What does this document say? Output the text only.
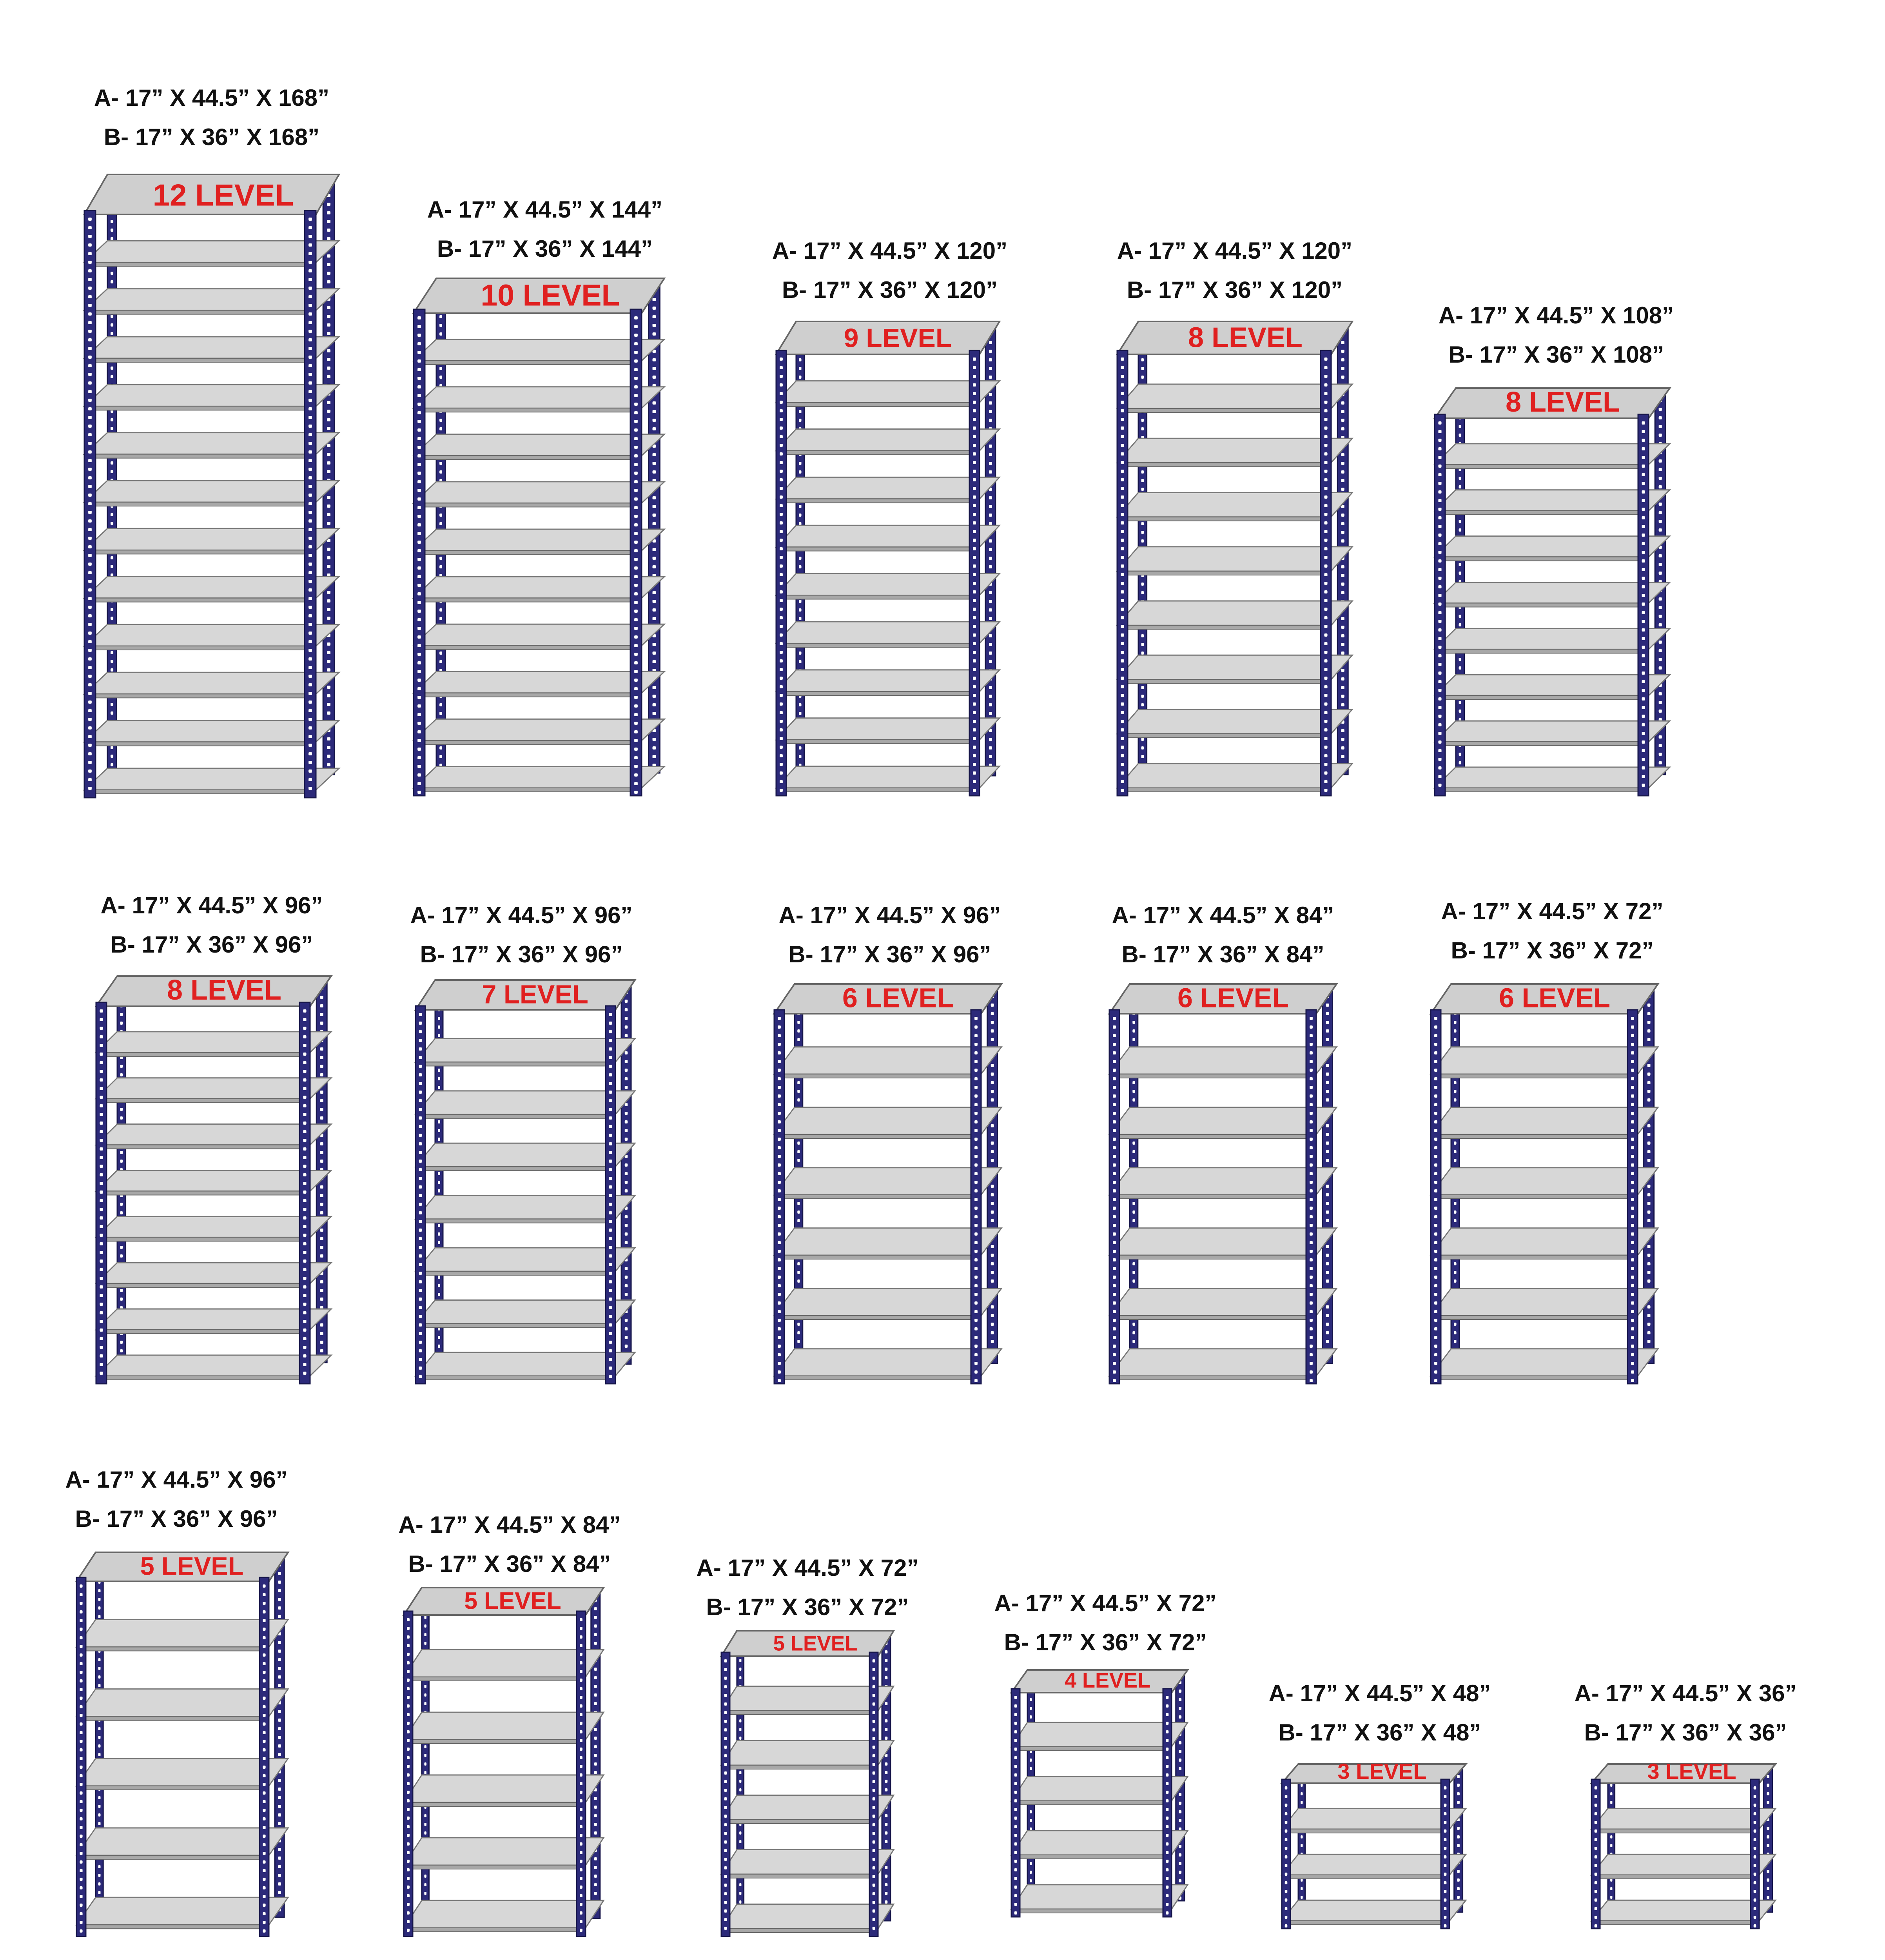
12 LEVEL
10 LEVEL
9 LEVEL	8 LEVEL
8 LEVEL
8 LEVEL	7 LEVEL	6 LEVEL	6 LEVEL	6 LEVEL
5 LEVEL
5 LEVEL
5 LEVEL
4 LEVEL
3 LEVEL	3 LEVEL
A- 17” X 44.5” X 168”
B- 17” X 36” X 168”
A- 17” X 44.5” X 144”
B- 17” X 36” X 144”	A- 17” X 44.5” X 120”
B- 17” X 36” X 120”
A- 17” X 44.5” X 120”
B- 17” X 36” X 120”
A- 17” X 44.5” X 108”
B- 17” X 36” X 108”
A- 17” X 44.5” X 96”
B- 17” X 36” X 96”
A- 17” X 44.5” X 96”
B- 17” X 36” X 96”
A- 17” X 44.5” X 96”
B- 17” X 36” X 96”
A- 17” X 44.5” X 84”
B- 17” X 36” X 84”
A- 17” X 44.5” X 72”
B- 17” X 36” X 72”
A- 17” X 44.5” X 96”
B- 17” X 36” X 96”	A- 17” X 44.5” X 84”
B- 17” X 36” X 84”	A- 17” X 44.5” X 72”
B- 17” X 36” X 72”	A- 17” X 44.5” X 72”
B- 17” X 36” X 72”
A- 17” X 44.5” X 48”
B- 17” X 36” X 48”
A- 17” X 44.5” X 36”
B- 17” X 36” X 36”
